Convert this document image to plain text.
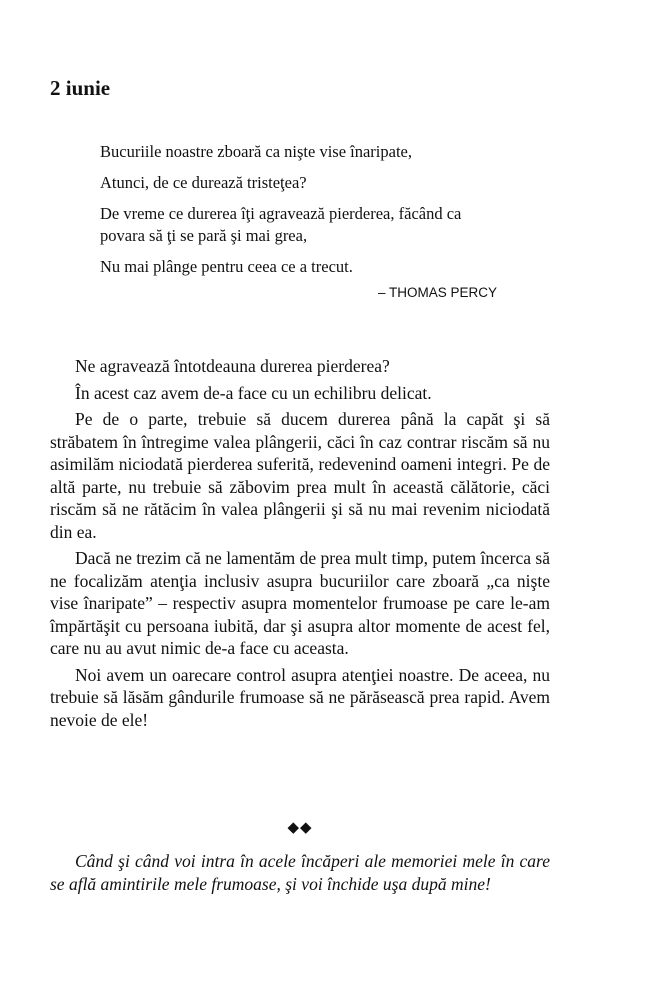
2 iunie

Bucuriile noastre zboară ca nişte vise înaripate,

Atunci, de ce durează tristeţea?

De vreme ce durerea îţi agravează pierderea, făcând ca povara să ţi se pară şi mai grea,

Nu mai plânge pentru ceea ce a trecut.

– THOMAS PERCY

Ne agravează întotdeauna durerea pierderea?

În acest caz avem de-a face cu un echilibru delicat.

Pe de o parte, trebuie să ducem durerea până la capăt şi să străbatem în întregime valea plângerii, căci în caz contrar riscăm să nu asimilăm niciodată pierderea suferită, redevenind oameni integri. Pe de altă parte, nu trebuie să zăbovim prea mult în această călătorie, căci riscăm să ne rătăcim în valea plângerii şi să nu mai revenim niciodată din ea.

Dacă ne trezim că ne lamentăm de prea mult timp, putem încerca să ne focalizăm atenţia inclusiv asupra bucuriilor care zboară „ca nişte vise înaripate” – respectiv asupra momentelor frumoase pe care le-am împărtăşit cu persoana iubită, dar şi asupra altor momente de acest fel, care nu au avut nimic de-a face cu aceasta.

Noi avem un oarecare control asupra atenţiei noastre. De aceea, nu trebuie să lăsăm gândurile frumoase să ne părăsească prea rapid. Avem nevoie de ele!

◆◆

Când şi când voi intra în acele încăperi ale memoriei mele în care se află amintirile mele frumoase, şi voi închide uşa după mine!
